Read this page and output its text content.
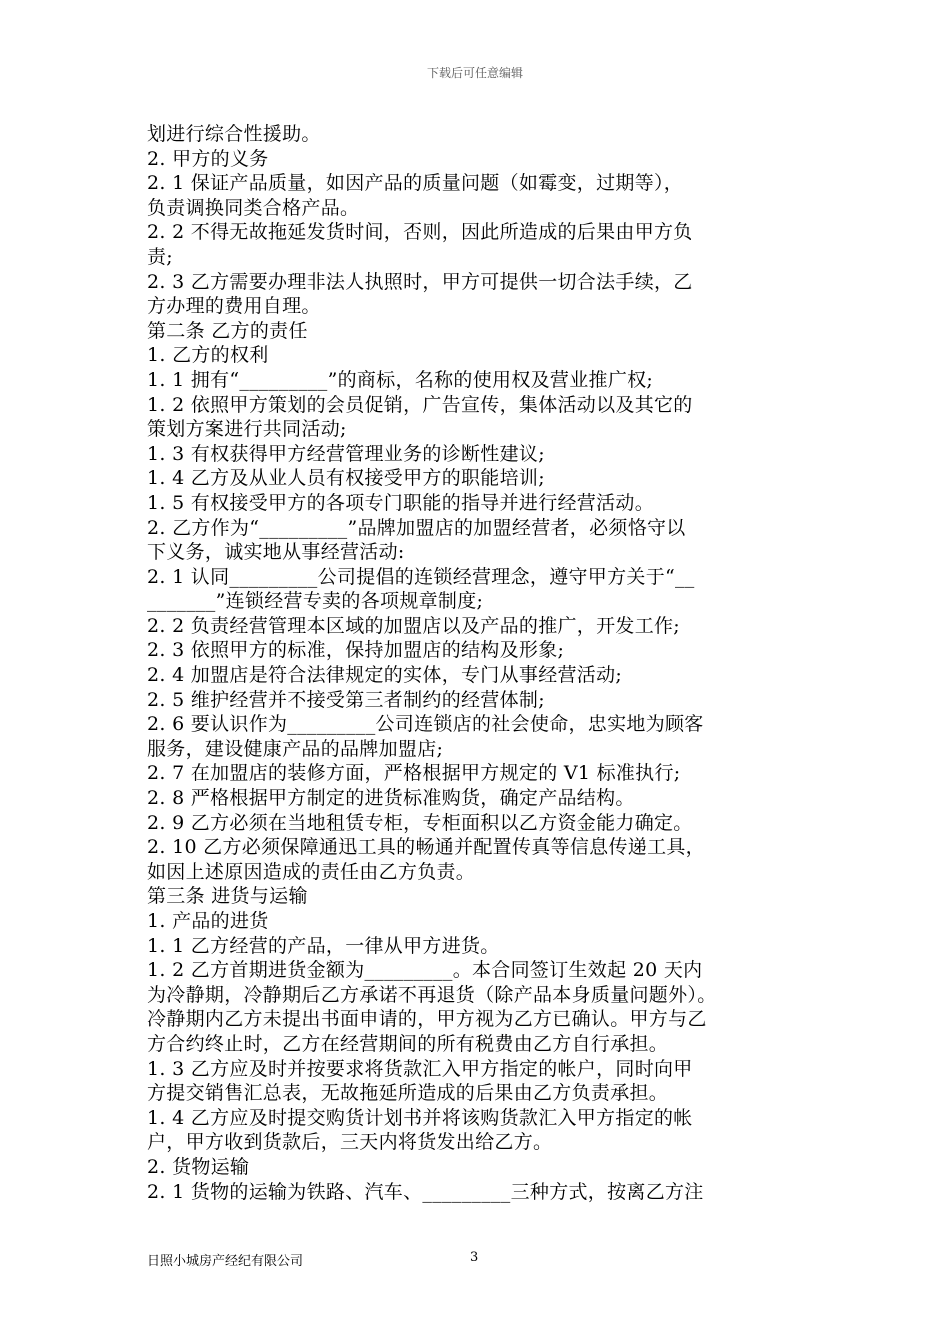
下载后可任意编辑
划进行综合性援助。
2. 甲方的义务
2. 1 保证产品质量，如因产品的质量问题（如霉变，过期等），
负责调换同类合格产品。
2. 2 不得无故拖延发货时间，否则，因此所造成的后果由甲方负
责;
2. 3 乙方需要办理非法人执照时，甲方可提供一切合法手续，乙
方办理的费用自理。
第二条 乙方的责任
1. 乙方的权利
1. 1 拥有“_________”的商标，名称的使用权及营业推广权;
1. 2 依照甲方策划的会员促销，广告宣传，集体活动以及其它的
策划方案进行共同活动;
1. 3 有权获得甲方经营管理业务的诊断性建议;
1. 4 乙方及从业人员有权接受甲方的职能培训;
1. 5 有权接受甲方的各项专门职能的指导并进行经营活动。
2. 乙方作为“_________”品牌加盟店的加盟经营者，必须恪守以
下义务，诚实地从事经营活动:
2. 1 认同_________公司提倡的连锁经营理念，遵守甲方关于“__
_______”连锁经营专卖的各项规章制度;
2. 2 负责经营管理本区域的加盟店以及产品的推广，开发工作;
2. 3 依照甲方的标准，保持加盟店的结构及形象;
2. 4 加盟店是符合法律规定的实体，专门从事经营活动;
2. 5 维护经营并不接受第三者制约的经营体制;
2. 6 要认识作为_________公司连锁店的社会使命，忠实地为顾客
服务，建设健康产品的品牌加盟店;
2. 7 在加盟店的装修方面，严格根据甲方规定的 V1 标准执行;
2. 8 严格根据甲方制定的进货标准购货，确定产品结构。
2. 9 乙方必须在当地租赁专柜，专柜面积以乙方资金能力确定。
2. 10 乙方必须保障通迅工具的畅通并配置传真等信息传递工具，
如因上述原因造成的责任由乙方负责。
第三条 进货与运输
1. 产品的进货
1. 1 乙方经营的产品，一律从甲方进货。
1. 2 乙方首期进货金额为_________。本合同签订生效起 20 天内
为冷静期，冷静期后乙方承诺不再退货（除产品本身质量问题外）。
冷静期内乙方未提出书面申请的，甲方视为乙方已确认。甲方与乙
方合约终止时，乙方在经营期间的所有税费由乙方自行承担。
1. 3 乙方应及时并按要求将货款汇入甲方指定的帐户，同时向甲
方提交销售汇总表，无故拖延所造成的后果由乙方负责承担。
1. 4 乙方应及时提交购货计划书并将该购货款汇入甲方指定的帐
户，甲方收到货款后，三天内将货发出给乙方。
2. 货物运输
2. 1 货物的运输为铁路、汽车、_________三种方式，按离乙方注
日照小城房产经纪有限公司	3
